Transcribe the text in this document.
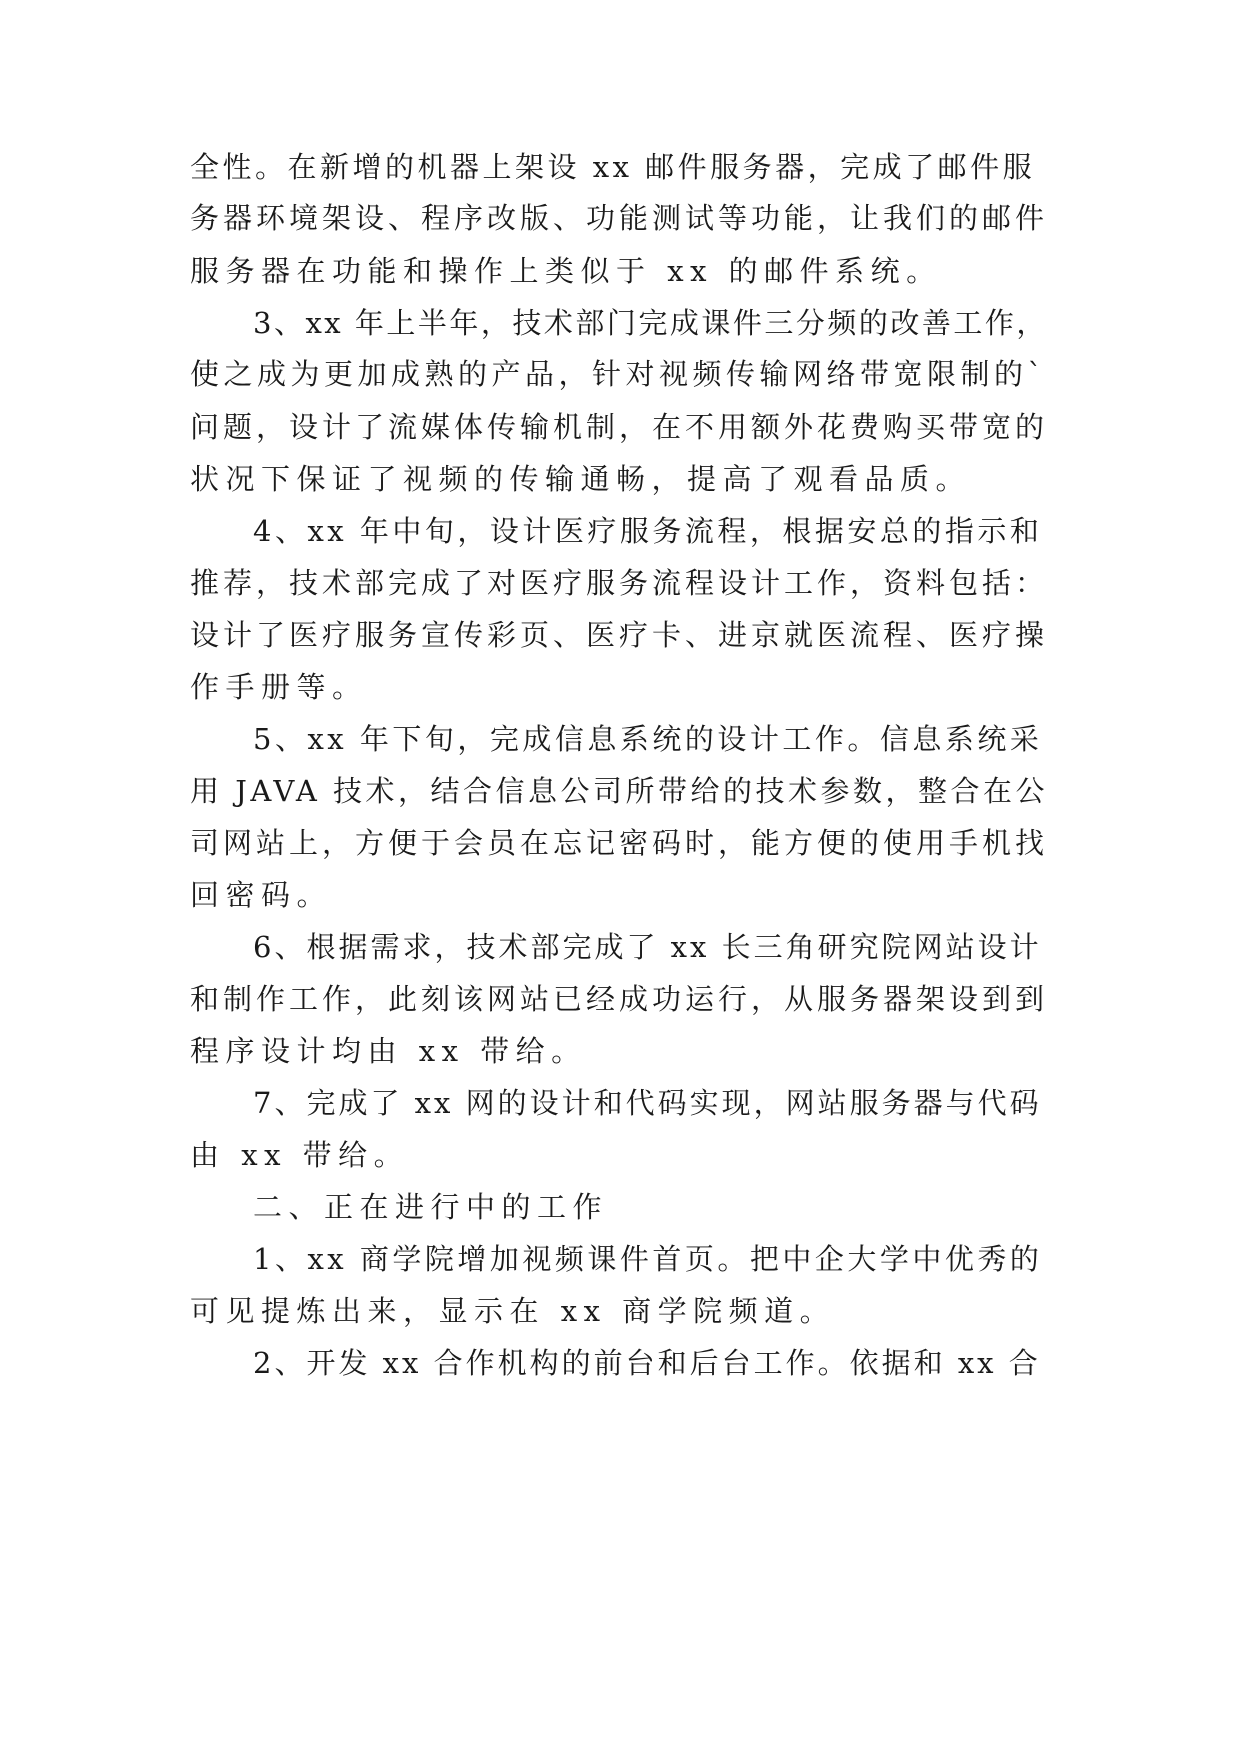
全性。在新增的机器上架设 xx 邮件服务器，完成了邮件服
务器环境架设、程序改版、功能测试等功能，让我们的邮件
服务器在功能和操作上类似于 xx 的邮件系统。
3、xx 年上半年，技术部门完成课件三分频的改善工作，
使之成为更加成熟的产品，针对视频传输网络带宽限制的`
问题，设计了流媒体传输机制，在不用额外花费购买带宽的
状况下保证了视频的传输通畅，提高了观看品质。
4、xx 年中旬，设计医疗服务流程，根据安总的指示和
推荐，技术部完成了对医疗服务流程设计工作，资料包括：
设计了医疗服务宣传彩页、医疗卡、进京就医流程、医疗操
作手册等。
5、xx 年下旬，完成信息系统的设计工作。信息系统采
用 JAVA 技术，结合信息公司所带给的技术参数，整合在公
司网站上，方便于会员在忘记密码时，能方便的使用手机找
回密码。
6、根据需求，技术部完成了 xx 长三角研究院网站设计
和制作工作，此刻该网站已经成功运行，从服务器架设到到
程序设计均由 xx 带给。
7、完成了 xx 网的设计和代码实现，网站服务器与代码
由 xx 带给。
二、正在进行中的工作
1、xx 商学院增加视频课件首页。把中企大学中优秀的
可见提炼出来，显示在 xx 商学院频道。
2、开发 xx 合作机构的前台和后台工作。依据和 xx 合
